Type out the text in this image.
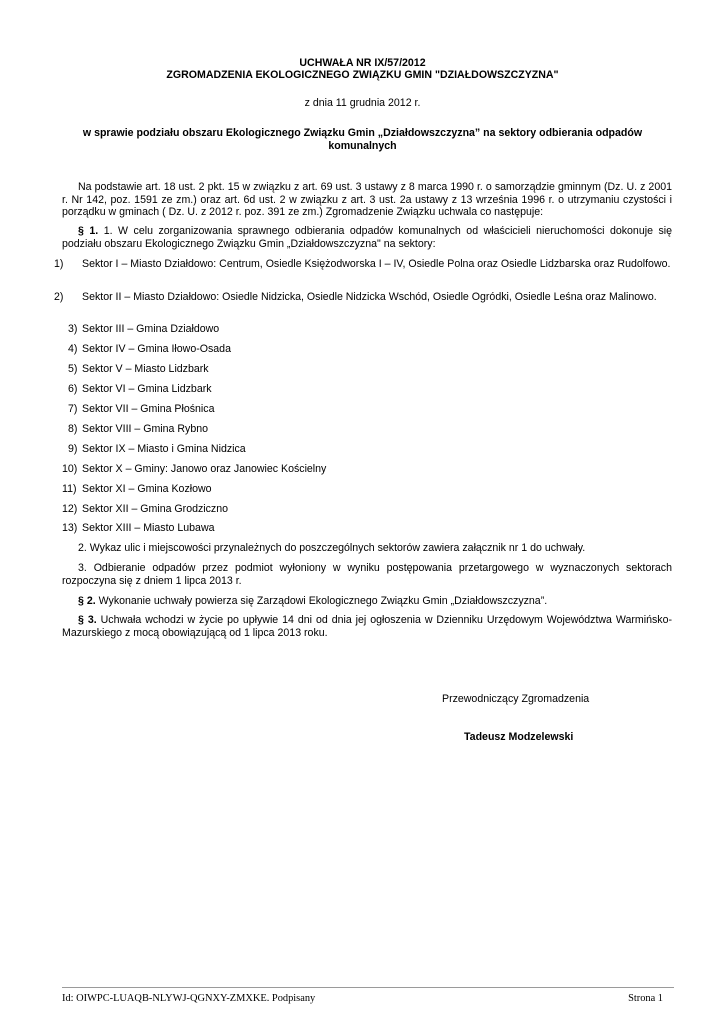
UCHWAŁA NR IX/57/2012
ZGROMADZENIA EKOLOGICZNEGO ZWIĄZKU GMIN "DZIAŁDOWSZCZYZNA"
z dnia 11 grudnia 2012 r.
w sprawie podziału obszaru Ekologicznego Związku Gmin „Działdowszczyzna” na sektory odbierania odpadów
komunalnych
Na podstawie art. 18 ust. 2 pkt. 15 w związku z art. 69 ust. 3 ustawy z 8 marca 1990 r. o samorządzie gminnym (Dz. U. z 2001 r. Nr 142, poz. 1591 ze zm.) oraz art. 6d ust. 2 w związku z art. 3 ust. 2a ustawy z 13 września 1996 r. o utrzymaniu czystości i porządku w gminach ( Dz. U. z 2012 r. poz. 391 ze zm.) Zgromadzenie Związku uchwala co następuje:
§ 1. 1. W celu zorganizowania sprawnego odbierania odpadów komunalnych od właścicieli nieruchomości dokonuje się podziału obszaru Ekologicznego Związku Gmin „Działdowszczyzna" na sektory:
1)Sektor I – Miasto Działdowo: Centrum, Osiedle Księżodworska I – IV, Osiedle Polna oraz Osiedle Lidzbarska oraz Rudolfowo.
2)Sektor II – Miasto Działdowo: Osiedle Nidzicka, Osiedle Nidzicka Wschód, Osiedle Ogródki, Osiedle Leśna oraz Malinowo.
3)Sektor III – Gmina Działdowo
4)Sektor IV – Gmina Iłowo-Osada
5)Sektor V – Miasto Lidzbark
6)Sektor VI – Gmina Lidzbark
7)Sektor VII – Gmina Płośnica
8)Sektor VIII – Gmina Rybno
9)Sektor IX – Miasto i Gmina Nidzica
10)Sektor X – Gminy: Janowo oraz Janowiec Kościelny
11)Sektor XI – Gmina Kozłowo
12)Sektor XII – Gmina Grodziczno
13)Sektor XIII – Miasto Lubawa
2. Wykaz ulic i miejscowości przynależnych do poszczególnych sektorów zawiera załącznik nr 1 do uchwały.
3. Odbieranie odpadów przez podmiot wyłoniony w wyniku postępowania przetargowego w wyznaczonych sektorach rozpoczyna się z dniem 1 lipca 2013 r.
§ 2. Wykonanie uchwały powierza się Zarządowi Ekologicznego Związku Gmin „Działdowszczyzna”.
§ 3. Uchwała wchodzi w życie po upływie 14 dni od dnia jej ogłoszenia w Dzienniku Urzędowym Województwa Warmińsko-Mazurskiego z mocą obowiązującą od 1 lipca 2013 roku.
Przewodniczący Zgromadzenia
Tadeusz Modzelewski
Id: OIWPC-LUAQB-NLYWJ-QGNXY-ZMXKE. Podpisany	Strona 1
